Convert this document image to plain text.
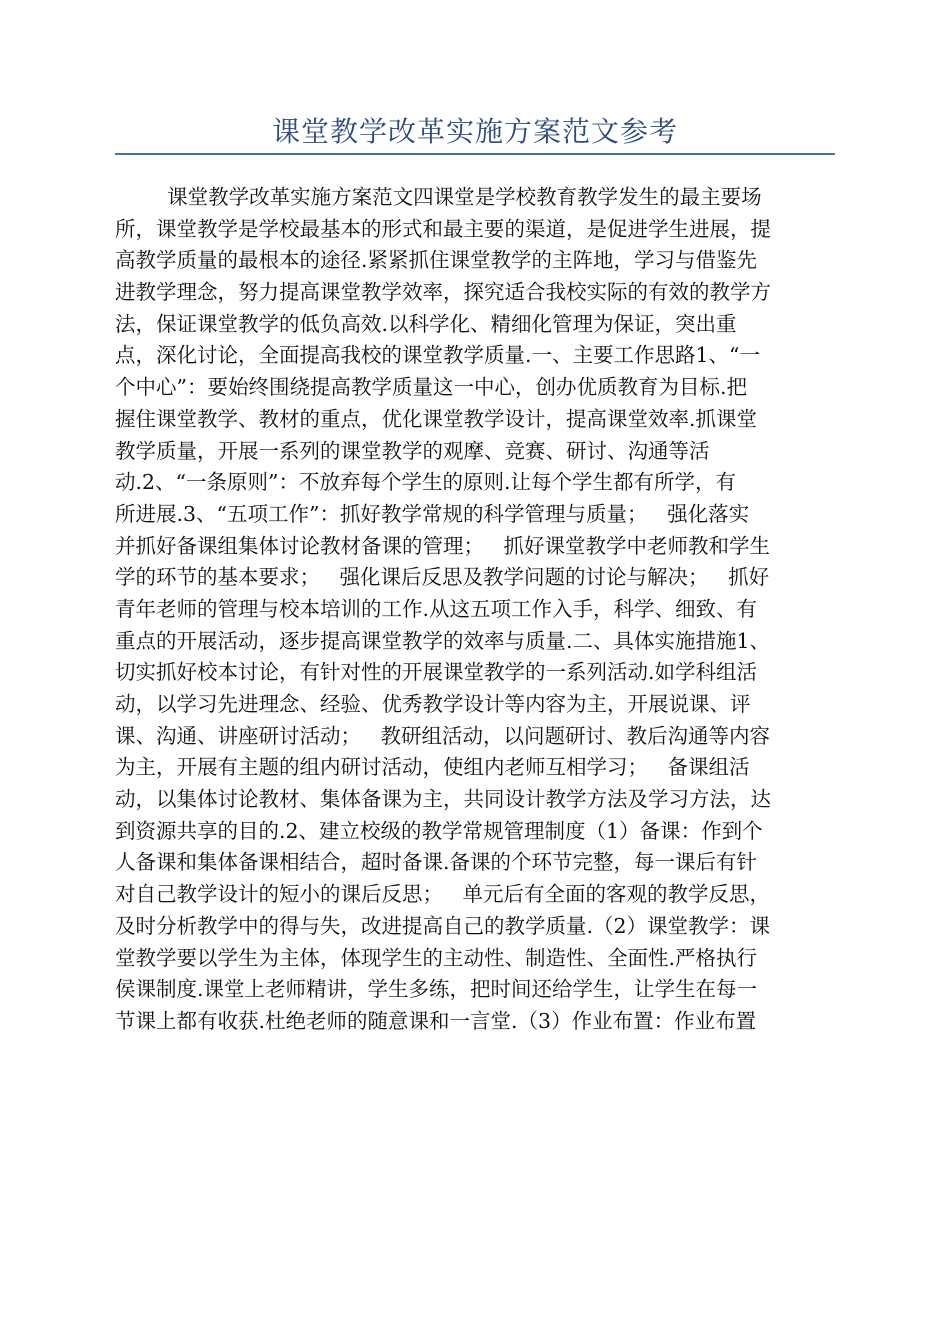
课堂教学改革实施方案范文参考
课堂教学改革实施方案范文四课堂是学校教育教学发生的最主要场
所，课堂教学是学校最基本的形式和最主要的渠道，是促进学生进展，提
高教学质量的最根本的途径.紧紧抓住课堂教学的主阵地，学习与借鉴先
进教学理念，努力提高课堂教学效率，探究适合我校实际的有效的教学方
法，保证课堂教学的低负高效.以科学化、精细化管理为保证，突出重
点，深化讨论，全面提高我校的课堂教学质量.一、主要工作思路1、“一
个中心”：要始终围绕提高教学质量这一中心，创办优质教育为目标.把
握住课堂教学、教材的重点，优化课堂教学设计，提高课堂效率.抓课堂
教学质量，开展一系列的课堂教学的观摩、竞赛、研讨、沟通等活
动.2、“一条原则”：不放弃每个学生的原则.让每个学生都有所学，有
所进展.3、“五项工作”：抓好教学常规的科学管理与质量；   强化落实
并抓好备课组集体讨论教材备课的管理；   抓好课堂教学中老师教和学生
学的环节的基本要求；   强化课后反思及教学问题的讨论与解决；   抓好
青年老师的管理与校本培训的工作.从这五项工作入手，科学、细致、有
重点的开展活动，逐步提高课堂教学的效率与质量.二、具体实施措施1、
切实抓好校本讨论，有针对性的开展课堂教学的一系列活动.如学科组活
动，以学习先进理念、经验、优秀教学设计等内容为主，开展说课、评
课、沟通、讲座研讨活动；   教研组活动，以问题研讨、教后沟通等内容
为主，开展有主题的组内研讨活动，使组内老师互相学习；   备课组活
动，以集体讨论教材、集体备课为主，共同设计教学方法及学习方法，达
到资源共享的目的.2、建立校级的教学常规管理制度（1）备课：作到个
人备课和集体备课相结合，超时备课.备课的个环节完整，每一课后有针
对自己教学设计的短小的课后反思；   单元后有全面的客观的教学反思，
及时分析教学中的得与失，改进提高自己的教学质量.（2）课堂教学：课
堂教学要以学生为主体，体现学生的主动性、制造性、全面性.严格执行
侯课制度.课堂上老师精讲，学生多练，把时间还给学生，让学生在每一
节课上都有收获.杜绝老师的随意课和一言堂.（3）作业布置：作业布置
